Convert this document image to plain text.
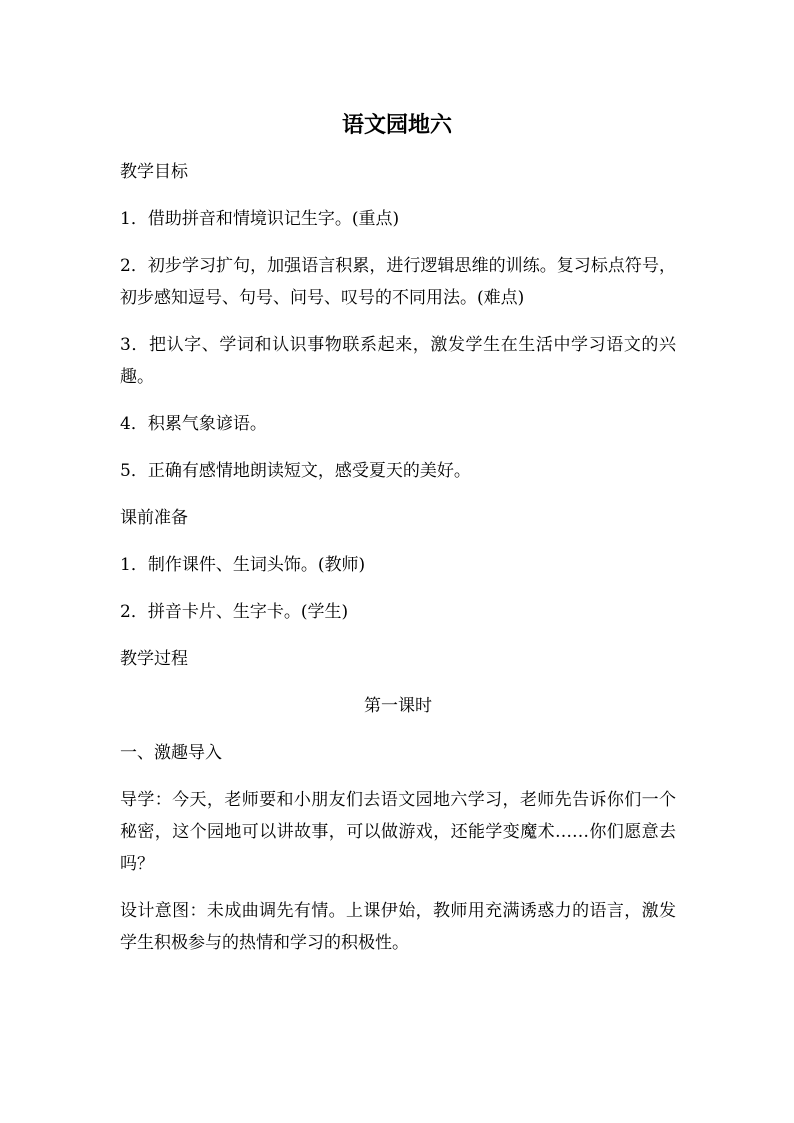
语文园地六

教学目标

1．借助拼音和情境识记生字。(重点)

2．初步学习扩句，加强语言积累，进行逻辑思维的训练。复习标点符号，初步感知逗号、句号、问号、叹号的不同用法。(难点)

3．把认字、学词和认识事物联系起来，激发学生在生活中学习语文的兴趣。

4．积累气象谚语。

5．正确有感情地朗读短文，感受夏天的美好。

课前准备

1．制作课件、生词头饰。(教师)

2．拼音卡片、生字卡。(学生)

教学过程

第一课时

一、激趣导入

导学：今天，老师要和小朋友们去语文园地六学习，老师先告诉你们一个秘密，这个园地可以讲故事，可以做游戏，还能学变魔术……你们愿意去吗？

设计意图：未成曲调先有情。上课伊始，教师用充满诱惑力的语言，激发学生积极参与的热情和学习的积极性。
